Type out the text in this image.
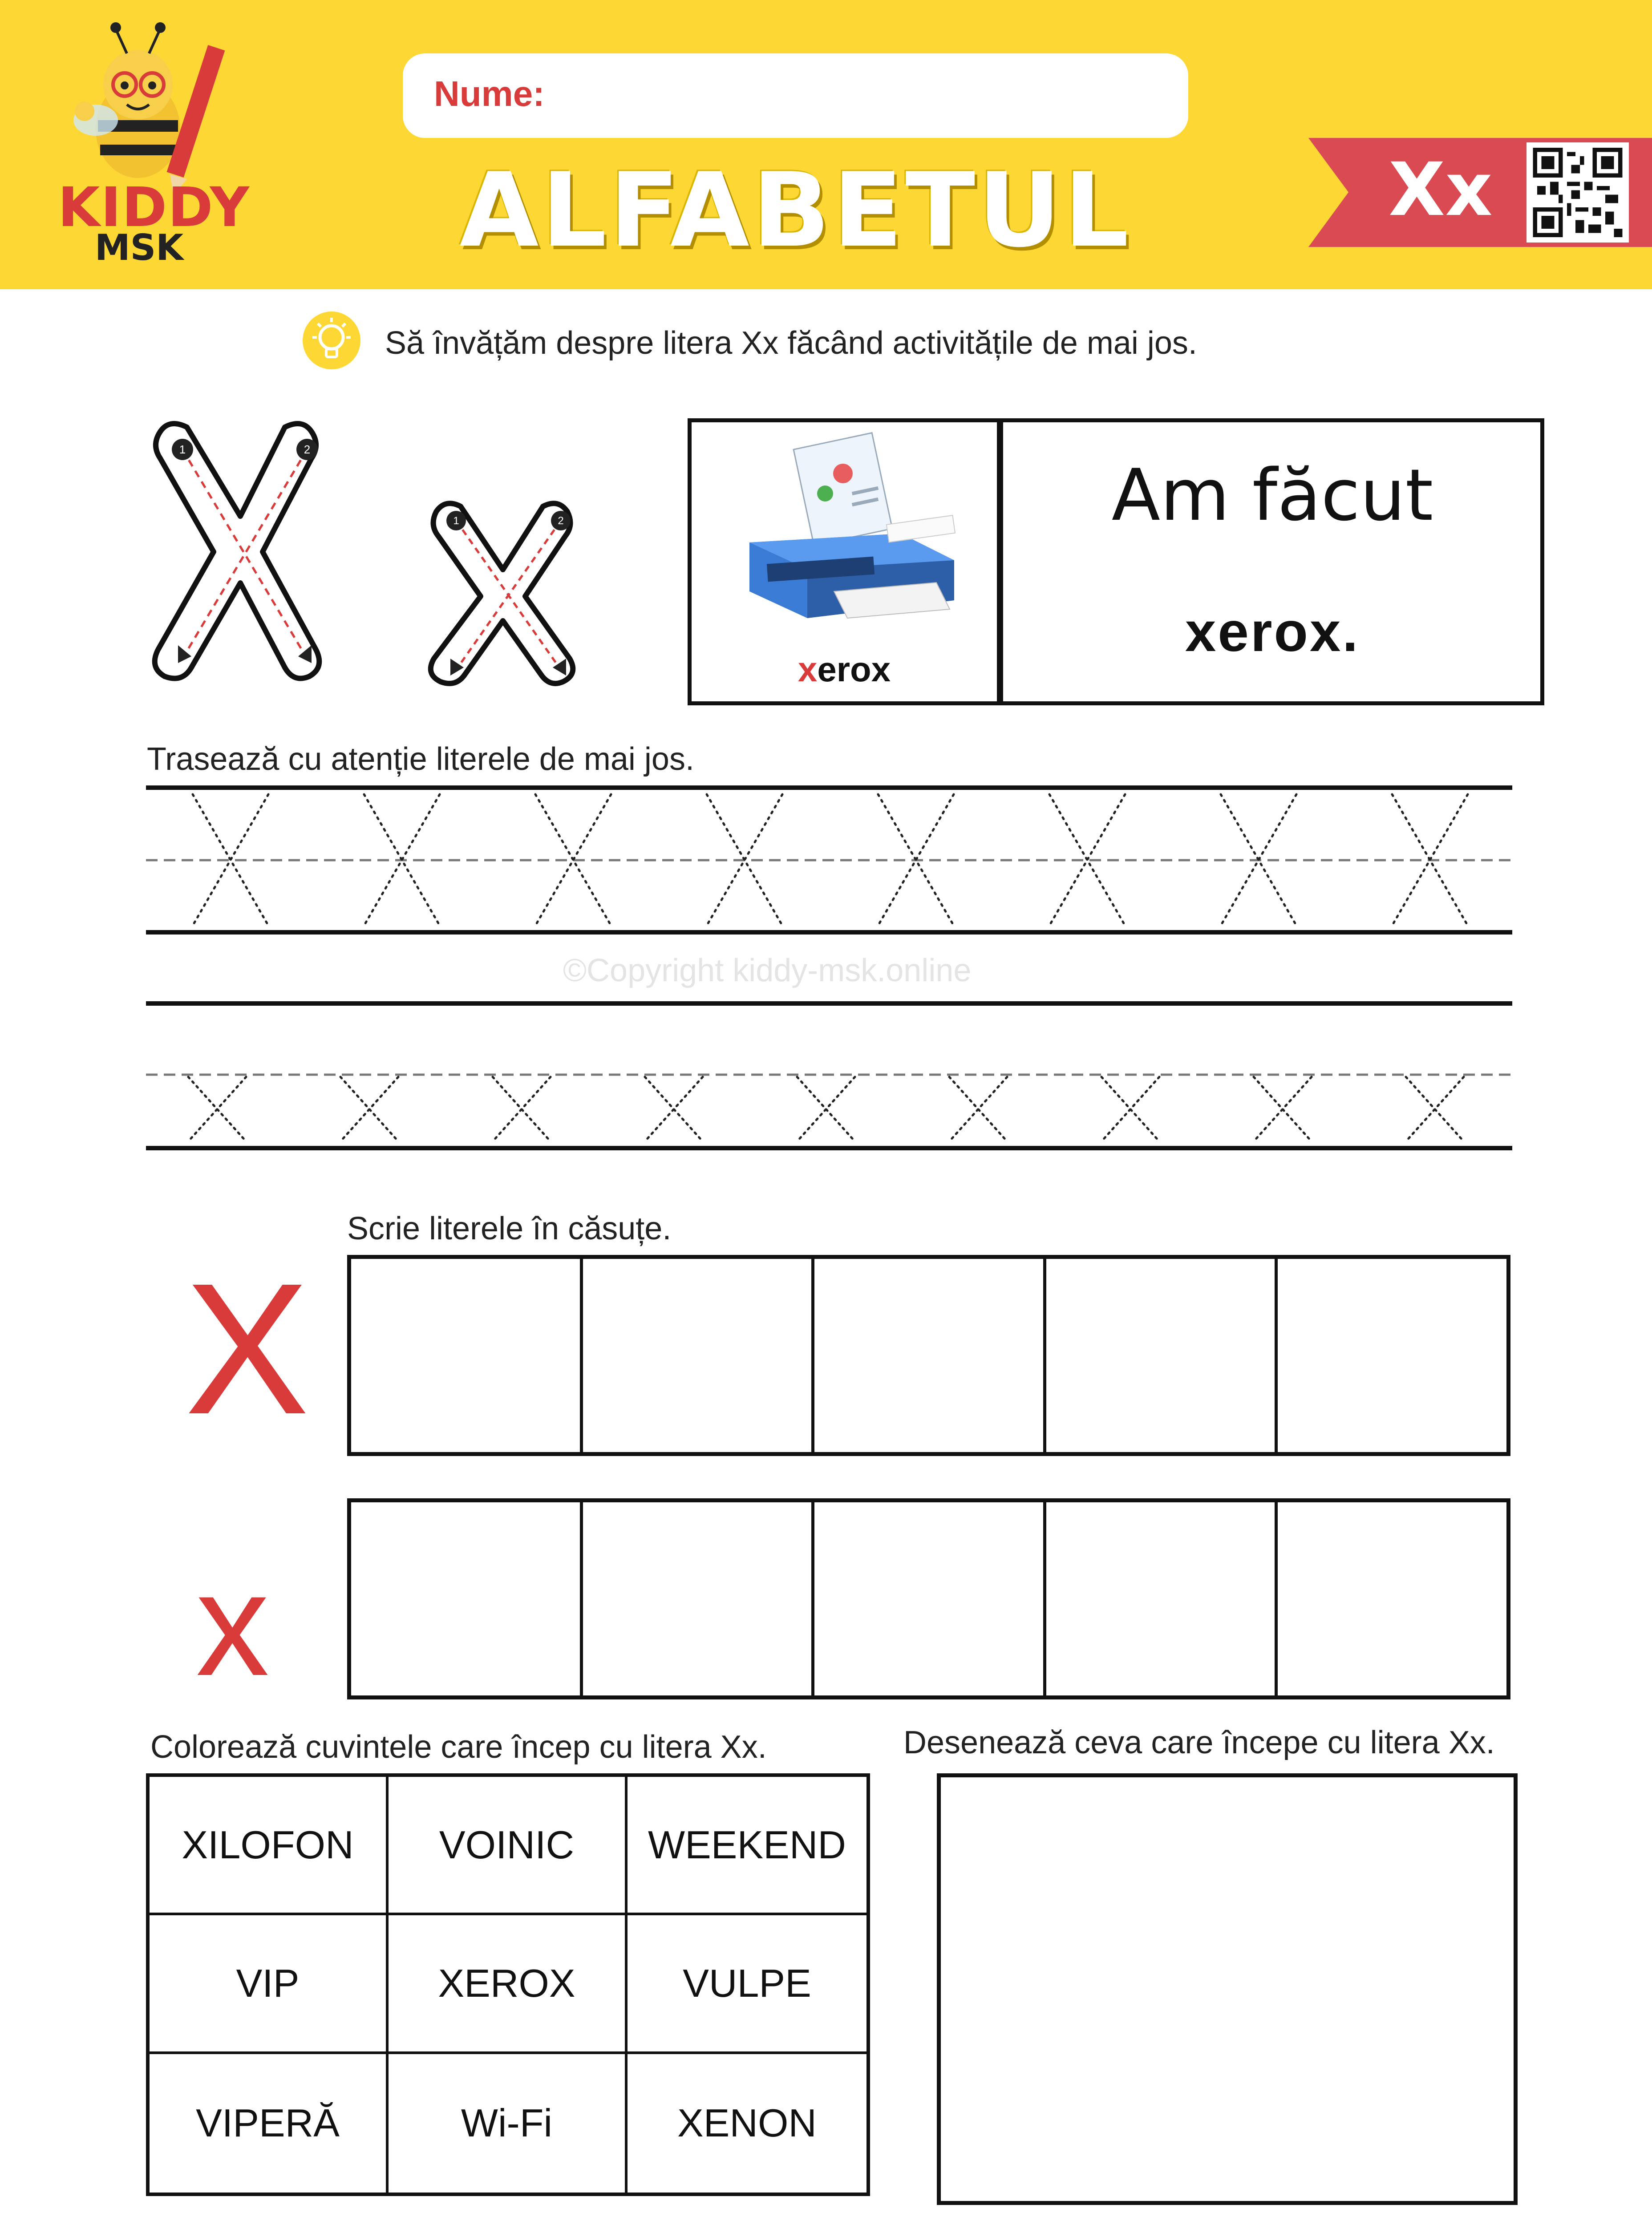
KIDDY
MSK
Nume:
ALFABETUL	Xx
Să învățăm despre litera Xx făcând activitățile de mai jos.
1	2
1	2
xerox
Am făcut
xerox.
Trasează cu atenție literele de mai jos.
©Copyright kiddy-msk.online
Scrie literele în căsuțe.
X
x
Colorează cuvintele care încep cu litera Xx.
XILOFON	VOINIC	WEEKEND
VIP	XEROX	VULPE
VIPERĂ	Wi-Fi	XENON
Desenează ceva care începe cu litera Xx.
